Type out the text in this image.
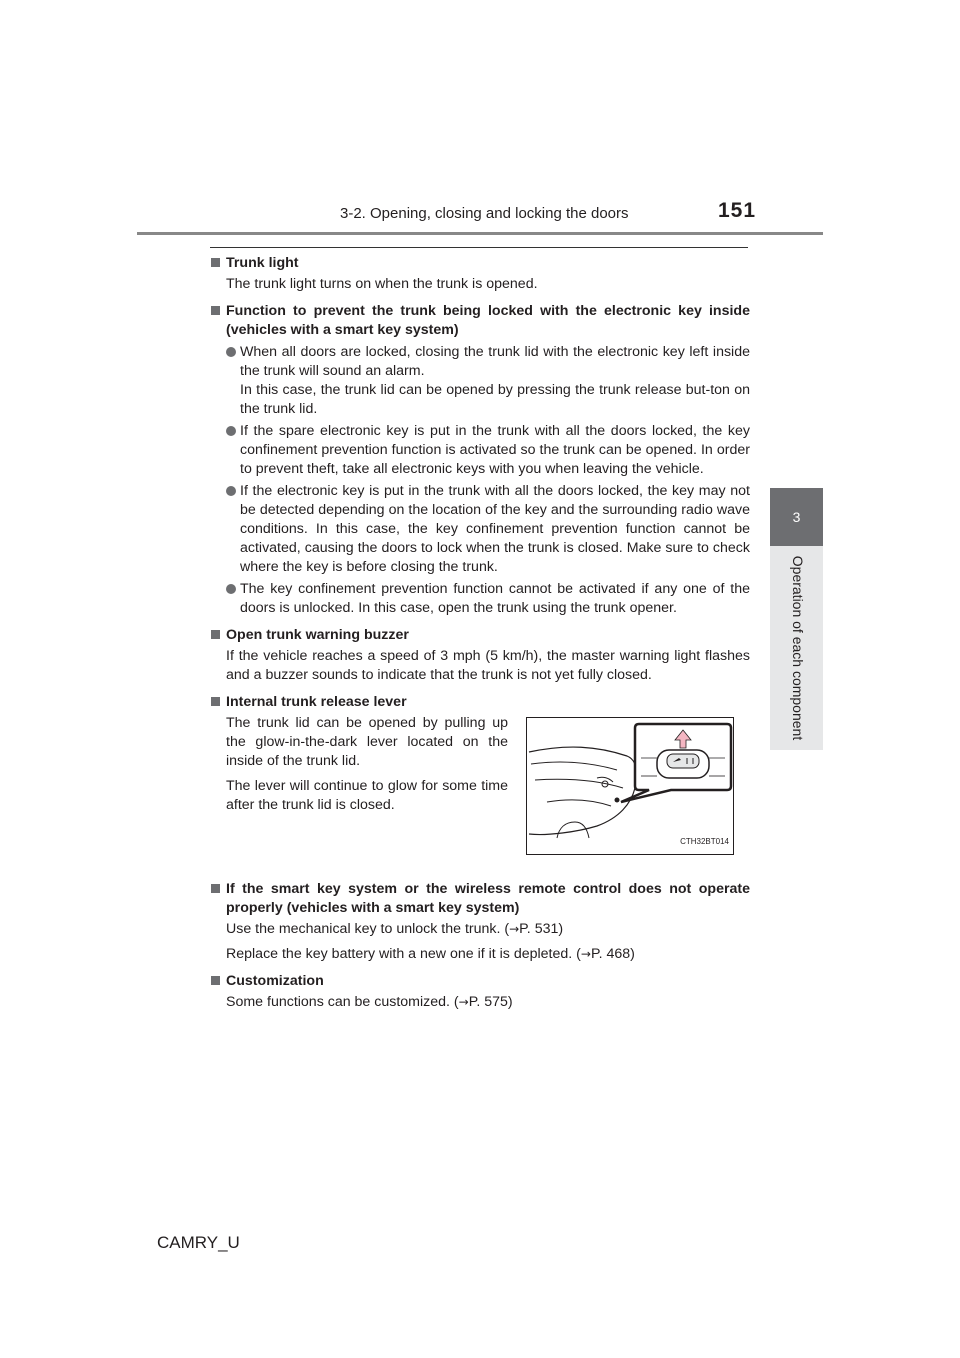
3-2. Opening, closing and locking the doors	151
3
Operation of each component
Trunk light
The trunk light turns on when the trunk is opened.
Function to prevent the trunk being locked with the electronic key inside (vehicles with a smart key system)
When all doors are locked, closing the trunk lid with the electronic key left inside the trunk will sound an alarm.
In this case, the trunk lid can be opened by pressing the trunk release but-ton on the trunk lid.
If the spare electronic key is put in the trunk with all the doors locked, the key confinement prevention function is activated so the trunk can be opened. In order to prevent theft, take all electronic keys with you when leaving the vehicle.
If the electronic key is put in the trunk with all the doors locked, the key may not be detected depending on the location of the key and the surrounding radio wave conditions. In this case, the key confinement prevention function cannot be activated, causing the doors to lock when the trunk is closed. Make sure to check where the key is before closing the trunk.
The key confinement prevention function cannot be activated if any one of the doors is unlocked. In this case, open the trunk using the trunk opener.
Open trunk warning buzzer
If the vehicle reaches a speed of 3 mph (5 km/h), the master warning light flashes and a buzzer sounds to indicate that the trunk is not yet fully closed.
Internal trunk release lever

The trunk lid can be opened by pulling up the glow-in-the-dark lever located on the inside of the trunk lid.

The lever will continue to glow for some time after the trunk lid is closed.

CTH32BT014
If the smart key system or the wireless remote control does not operate properly (vehicles with a smart key system)
Use the mechanical key to unlock the trunk. (→P. 531)
Replace the key battery with a new one if it is depleted. (→P. 468)
Customization
Some functions can be customized. (→P. 575)
CAMRY_U
